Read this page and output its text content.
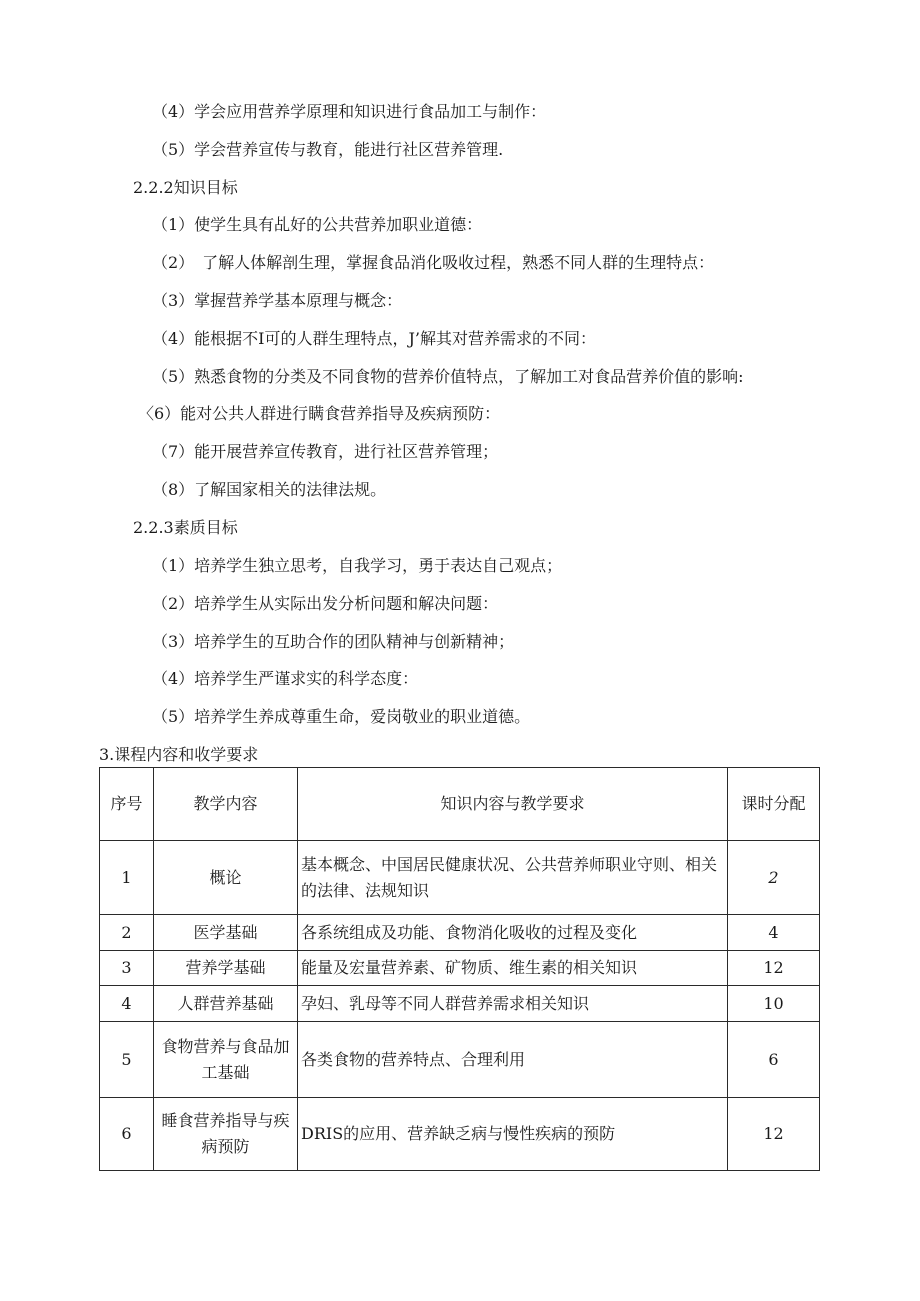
（4）学会应用营养学原理和知识进行食品加工与制作：
（5）学会营养宣传与教育，能进行社区营养管理.
2.2.2知识目标
（1）使学生具有乩好的公共营养加职业道德：
（2）　了解人体解剖生理，掌握食品消化吸收过程，熟悉不同人群的生理特点：
（3）掌握营养学基本原理与概念：
（4）能根据不I可的人群生理特点，J’解其对营养需求的不同：
（5）熟悉食物的分类及不同食物的营养价值特点，了解加工对食品营养价值的影响:
〈6）能对公共人群进行瞒食营养指导及疾病预防：
（7）能开展营养宣传教育，进行社区营养管理；
（8）了解国家相关的法律法规。
2.2.3素质目标
（1）培养学生独立思考，自我学习，勇于表达自己观点；
（2）培养学生从实际出发分析问题和解决问题：
（3）培养学生的互助合作的团队精神与创新精神；
（4）培养学生严谨求实的科学态度：
（5）培养学生养成尊重生命，爱岗敬业的职业道德。
3.课程内容和收学要求
序号	教学内容	知识内容与教学要求	课时分配
1	概论	基本概念、中国居民健康状况、公共营养师职业守则、相关的法律、法规知识	2
2	医学基础	各系统组成及功能、食物消化吸收的过程及变化	4
3	营养学基础	能量及宏量营养素、矿物质、维生素的相关知识	12
4	人群营养基础	孕妇、乳母等不同人群营养需求相关知识	10
5	食物营养与食品加工基础	各类食物的营养特点、合理利用	6
6	睡食营养指导与疾病预防	DRIS的应用、营养缺乏病与慢性疾病的预防	12
